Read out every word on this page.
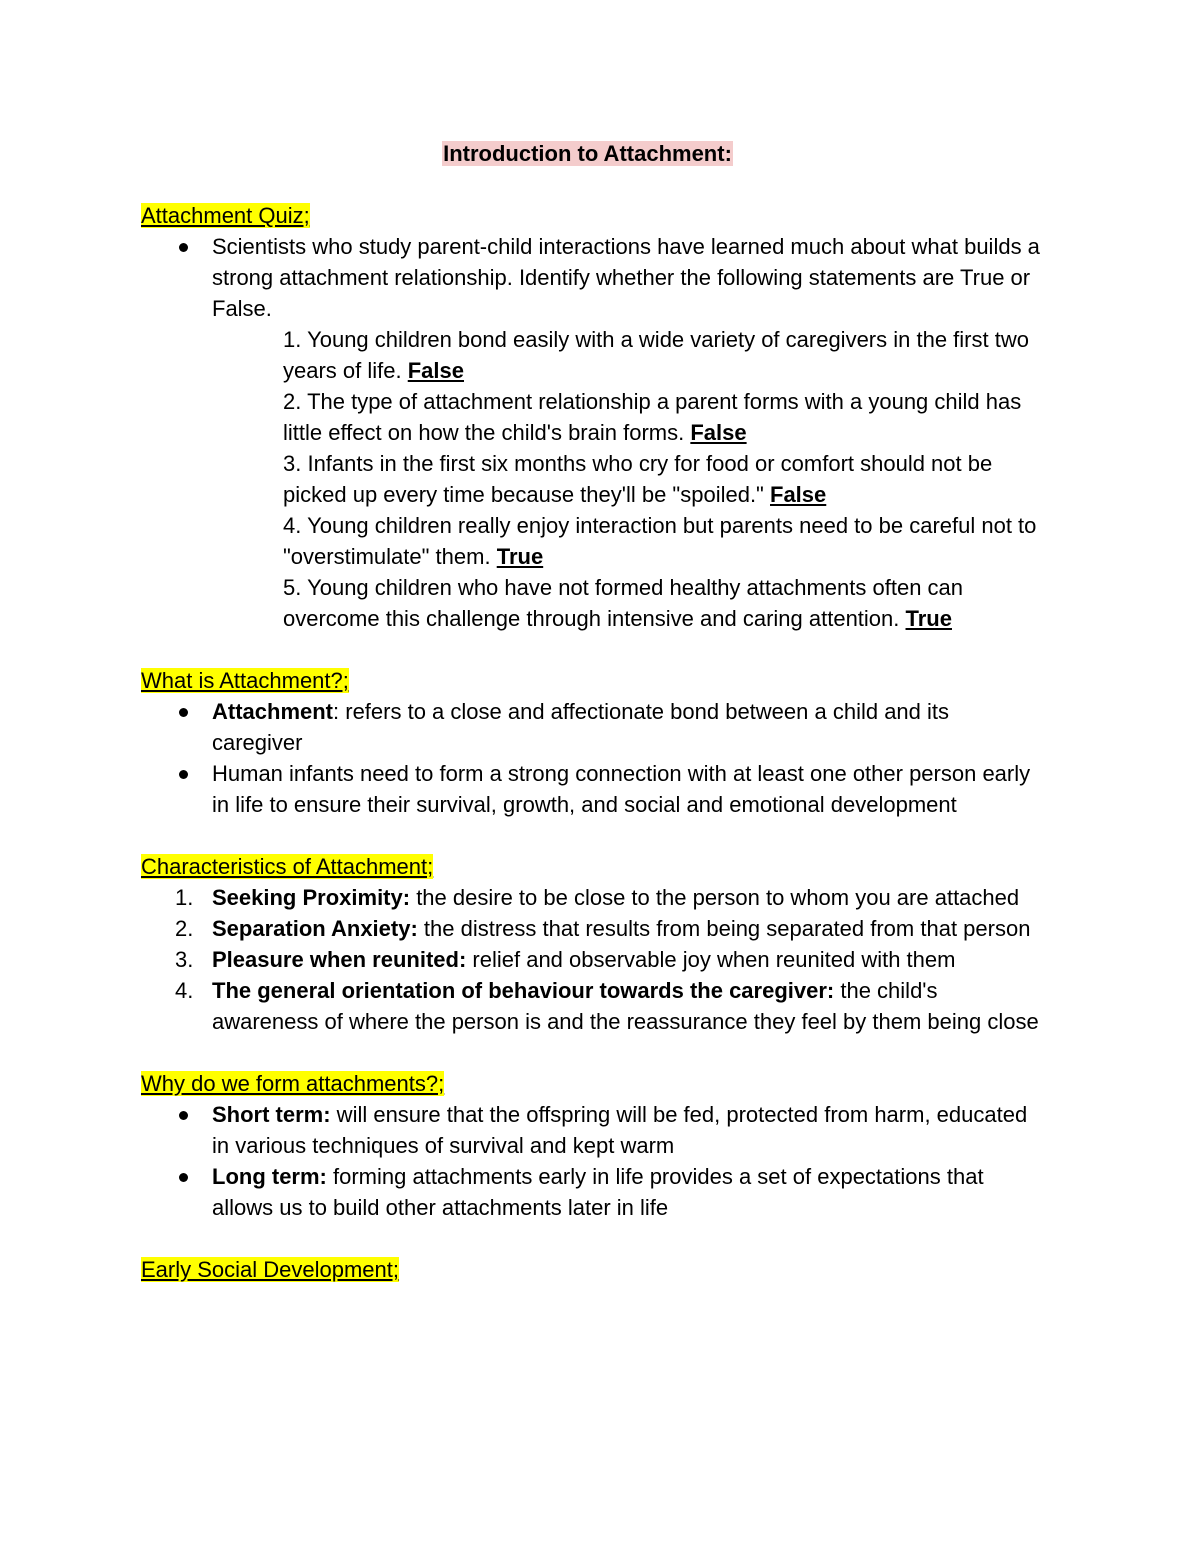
Introduction to Attachment:

Attachment Quiz;

Scientists who study parent-child interactions have learned much about what builds a strong attachment relationship. Identify whether the following statements are True or False.
1. Young children bond easily with a wide variety of caregivers in the first two years of life. False
2. The type of attachment relationship a parent forms with a young child has little effect on how the child's brain forms. False
3. Infants in the first six months who cry for food or comfort should not be picked up every time because they'll be "spoiled." False
4. Young children really enjoy interaction but parents need to be careful not to "overstimulate" them. True
5. Young children who have not formed healthy attachments often can overcome this challenge through intensive and caring attention. True

What is Attachment?;

Attachment: refers to a close and affectionate bond between a child and its caregiver
Human infants need to form a strong connection with at least one other person early in life to ensure their survival, growth, and social and emotional development

Characteristics of Attachment;

1. Seeking Proximity: the desire to be close to the person to whom you are attached
2. Separation Anxiety: the distress that results from being separated from that person
3. Pleasure when reunited: relief and observable joy when reunited with them
4. The general orientation of behaviour towards the caregiver: the child's awareness of where the person is and the reassurance they feel by them being close

Why do we form attachments?;

Short term: will ensure that the offspring will be fed, protected from harm, educated in various techniques of survival and kept warm
Long term: forming attachments early in life provides a set of expectations that allows us to build other attachments later in life

Early Social Development;
